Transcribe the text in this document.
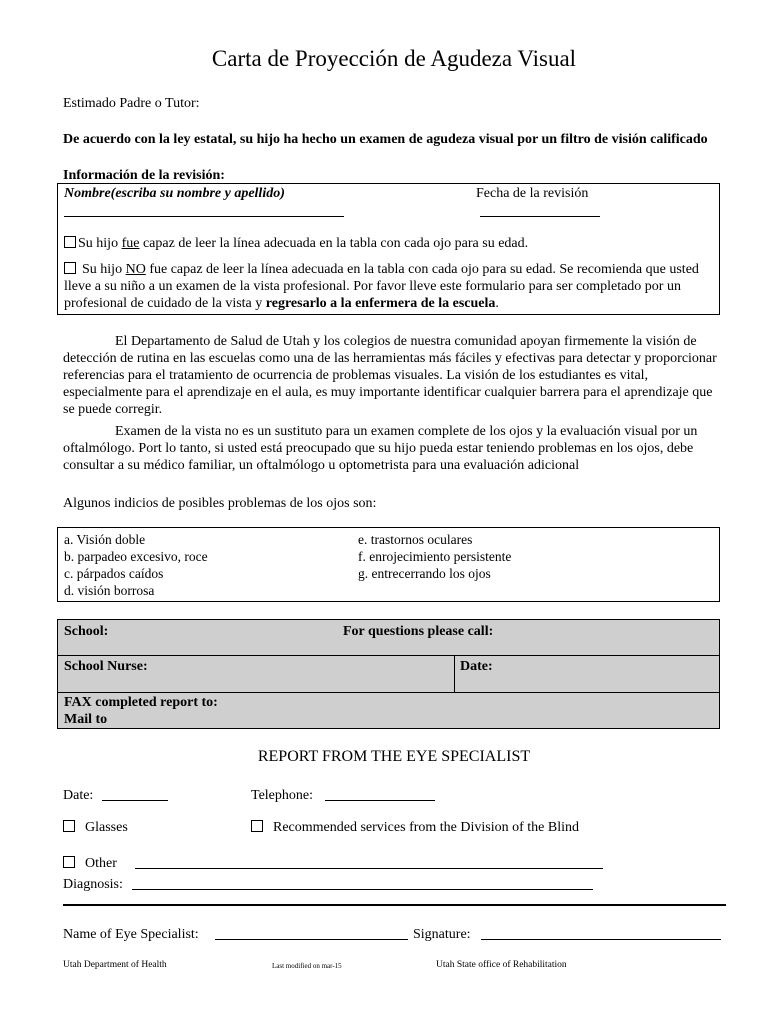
Carta de Proyección de Agudeza Visual
Estimado Padre o Tutor:
De acuerdo con la ley estatal, su hijo ha hecho un examen de agudeza visual por un filtro de visión calificado
Información de la revisión:
Nombre(escriba su nombre y apellido)	Fecha de la revisión
Su hijo fue capaz de leer la línea adecuada en la tabla con cada ojo para su edad.
Su hijo NO fue capaz de leer la línea adecuada en la tabla con cada ojo para su edad. Se recomienda que usted lleve a su niño a un examen de la vista profesional. Por favor lleve este formulario para ser completado por un profesional de cuidado de la vista y regresarlo a la enfermera de la escuela.
El Departamento de Salud de Utah y los colegios de nuestra comunidad apoyan firmemente la visión de detección de rutina en las escuelas como una de las herramientas más fáciles y efectivas para detectar y proporcionar referencias para el tratamiento de ocurrencia de problemas visuales. La visión de los estudiantes es vital, especialmente para el aprendizaje en el aula, es muy importante identificar cualquier barrera para el aprendizaje que se puede corregir.
Examen de la vista no es un sustituto para un examen complete de los ojos y la evaluación visual por un oftalmólogo. Port lo tanto, si usted está preocupado que su hijo pueda estar teniendo problemas en los ojos, debe consultar a su médico familiar, un oftalmólogo u optometrista para una evaluación adicional
Algunos indicios de posibles problemas de los ojos son:
a. Visión doble
b. parpadeo excesivo, roce
c. párpados caídos
d. visión borrosa
e. trastornos oculares
f. enrojecimiento persistente
g. entrecerrando los ojos
School:	For questions please call:
School Nurse:	Date:
FAX completed report to:
Mail to
REPORT FROM THE EYE SPECIALIST
Date:	Telephone:
Glasses	Recommended services from the Division of the Blind
Other
Diagnosis:
Name of Eye Specialist:	Signature:
Utah Department of Health	Last modified on mar-15	Utah State office of Rehabilitation
